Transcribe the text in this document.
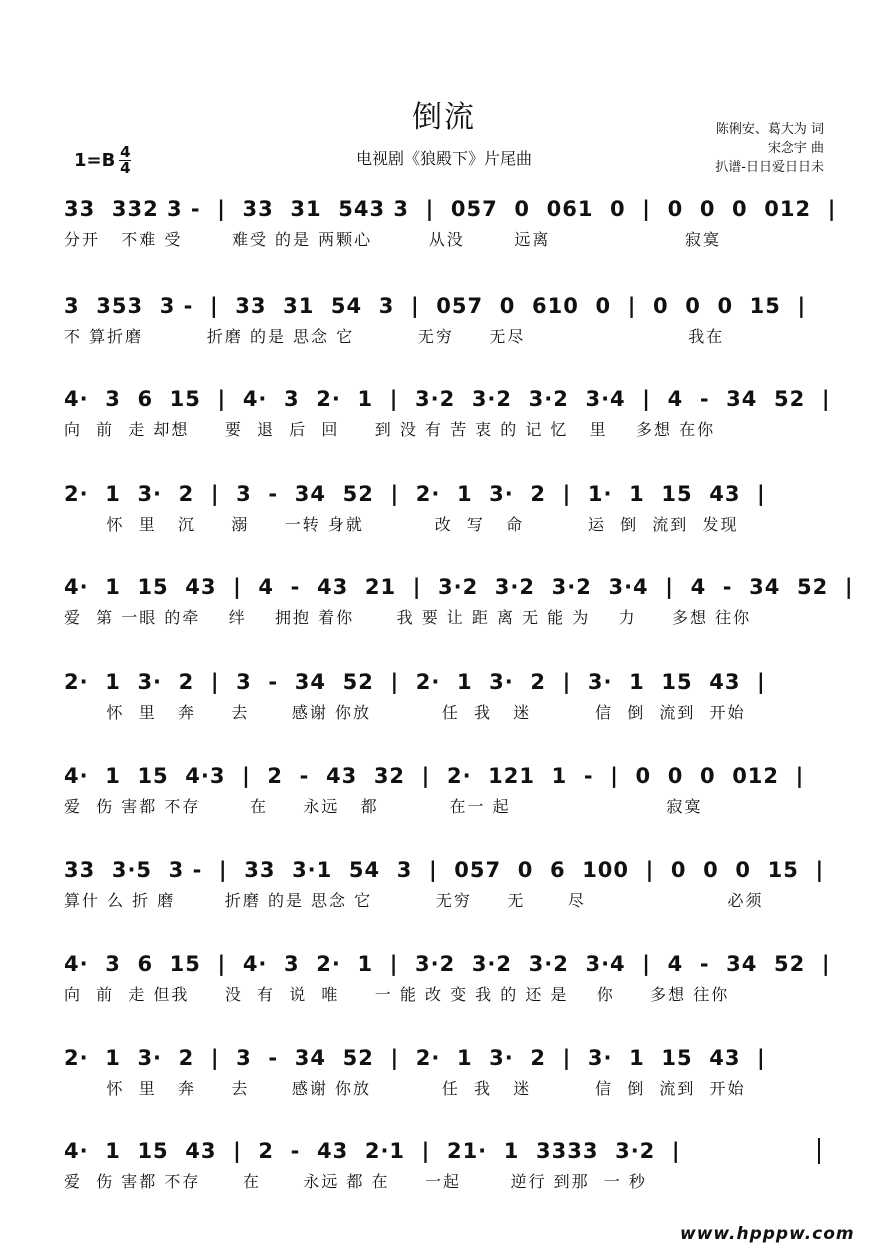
倒流
电视剧《狼殿下》片尾曲
$1=B \frac{4}{4}$
陈俐安、葛大为 词
宋念宇 曲
扒谱-日日爱日日未
33  332 3 -  |  33  31  543 3  |  057  0  061  0  |  0  0  0  012  |
分开   不难 受       难受 的是 两颗心        从没       远离                   寂寞
3  353  3 -  |  33  31  54  3  |  057  0  610  0  |  0  0  0  15  |
不 算折磨         折磨 的是 思念 它         无穷     无尽                       我在
4·  3  6  15  |  4·  3  2·  1  |  3·2  3·2  3·2  3·4  |  4  -  34  52  |
向  前  走 却想     要  退  后  回     到 没 有 苦 衷 的 记 忆   里    多想 在你
2·  1  3·  2  |  3  -  34  52  |  2·  1  3·  2  |  1·  1  15  43  |
怀  里   沉     溺     一转 身就          改  写   命         运  倒  流到  发现
4·  1  15  43  |  4  -  43  21  |  3·2  3·2  3·2  3·4  |  4  -  34  52  |
爱  第 一眼 的牵    绊    拥抱 着你      我 要 让 距 离 无 能 为    力     多想 往你
2·  1  3·  2  |  3  -  34  52  |  2·  1  3·  2  |  3·  1  15  43  |
怀  里   奔     去      感谢 你放          任  我   迷         信  倒  流到  开始
4·  1  15  4·3  |  2  -  43  32  |  2·  121  1  -  |  0  0  0  012  |
爱  伤 害都 不存       在     永远   都          在一 起                      寂寞
33  3·5  3 -  |  33  3·1  54  3  |  057  0  6  100  |  0  0  0  15  |
算什 么 折 磨       折磨 的是 思念 它         无穷     无      尽                    必须
4·  3  6  15  |  4·  3  2·  1  |  3·2  3·2  3·2  3·4  |  4  -  34  52  |
向  前  走 但我     没  有  说  唯     一 能 改 变 我 的 还 是    你     多想 往你
2·  1  3·  2  |  3  -  34  52  |  2·  1  3·  2  |  3·  1  15  43  |
怀  里   奔     去      感谢 你放          任  我   迷         信  倒  流到  开始
4·  1  15  43  |  2  -  43  2·1  |  21·  1  3333  3·2  |
爱  伤 害都 不存      在      永远 都 在     一起       逆行 到那  一 秒
www.hpppw.com
